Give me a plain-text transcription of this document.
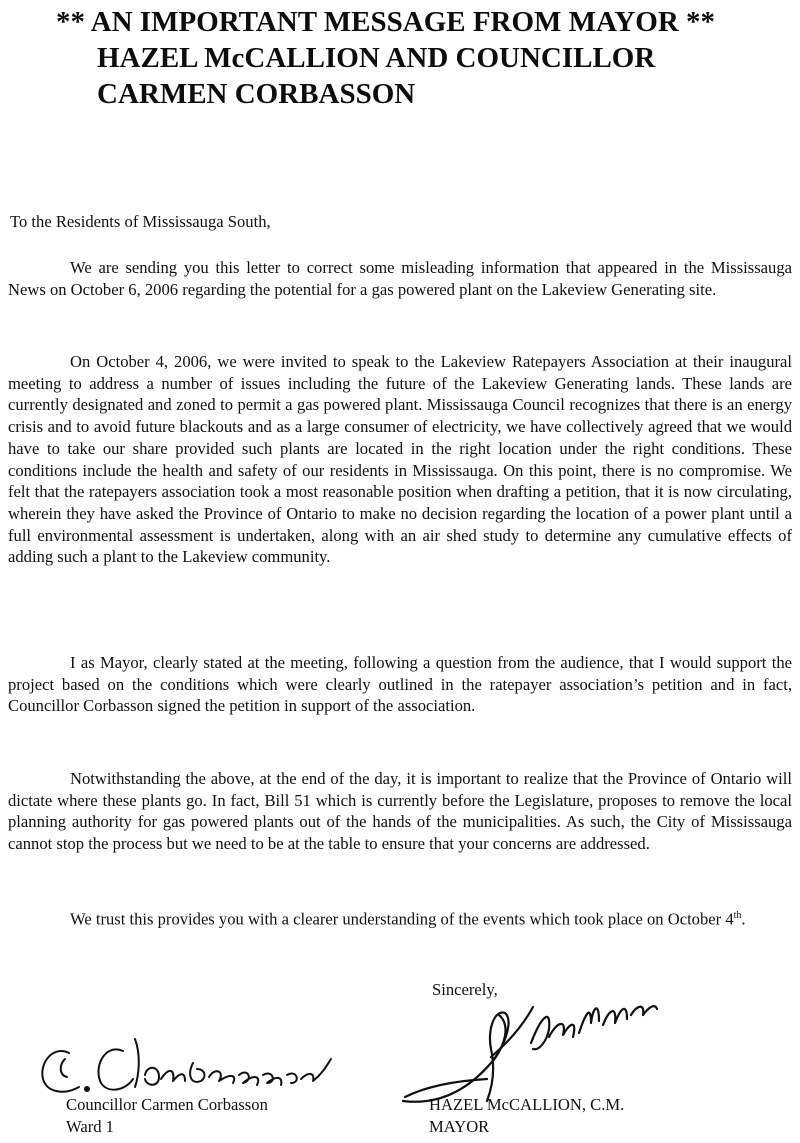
** AN IMPORTANT MESSAGE FROM MAYOR **
HAZEL McCALLION AND COUNCILLOR
CARMEN CORBASSON

To the Residents of Mississauga South,

We are sending you this letter to correct some misleading information that appeared in the Mississauga News on October 6, 2006 regarding the potential for a gas powered plant on the Lakeview Generating site.

On October 4, 2006, we were invited to speak to the Lakeview Ratepayers Association at their inaugural meeting to address a number of issues including the future of the Lakeview Generating lands. These lands are currently designated and zoned to permit a gas powered plant. Mississauga Council recognizes that there is an energy crisis and to avoid future blackouts and as a large consumer of electricity, we have collectively agreed that we would have to take our share provided such plants are located in the right location under the right conditions. These conditions include the health and safety of our residents in Mississauga. On this point, there is no compromise. We felt that the ratepayers association took a most reasonable position when drafting a petition, that it is now circulating, wherein they have asked the Province of Ontario to make no decision regarding the location of a power plant until a full environmental assessment is undertaken, along with an air shed study to determine any cumulative effects of adding such a plant to the Lakeview community.

I as Mayor, clearly stated at the meeting, following a question from the audience, that I would support the project based on the conditions which were clearly outlined in the ratepayer association’s petition and in fact, Councillor Corbasson signed the petition in support of the association.

Notwithstanding the above, at the end of the day, it is important to realize that the Province of Ontario will dictate where these plants go. In fact, Bill 51 which is currently before the Legislature, proposes to remove the local planning authority for gas powered plants out of the hands of the municipalities. As such, the City of Mississauga cannot stop the process but we need to be at the table to ensure that your concerns are addressed.

We trust this provides you with a clearer understanding of the events which took place on October 4th.

Sincerely,

Councillor Carmen Corbasson
Ward 1
HAZEL McCALLION, C.M.
MAYOR
